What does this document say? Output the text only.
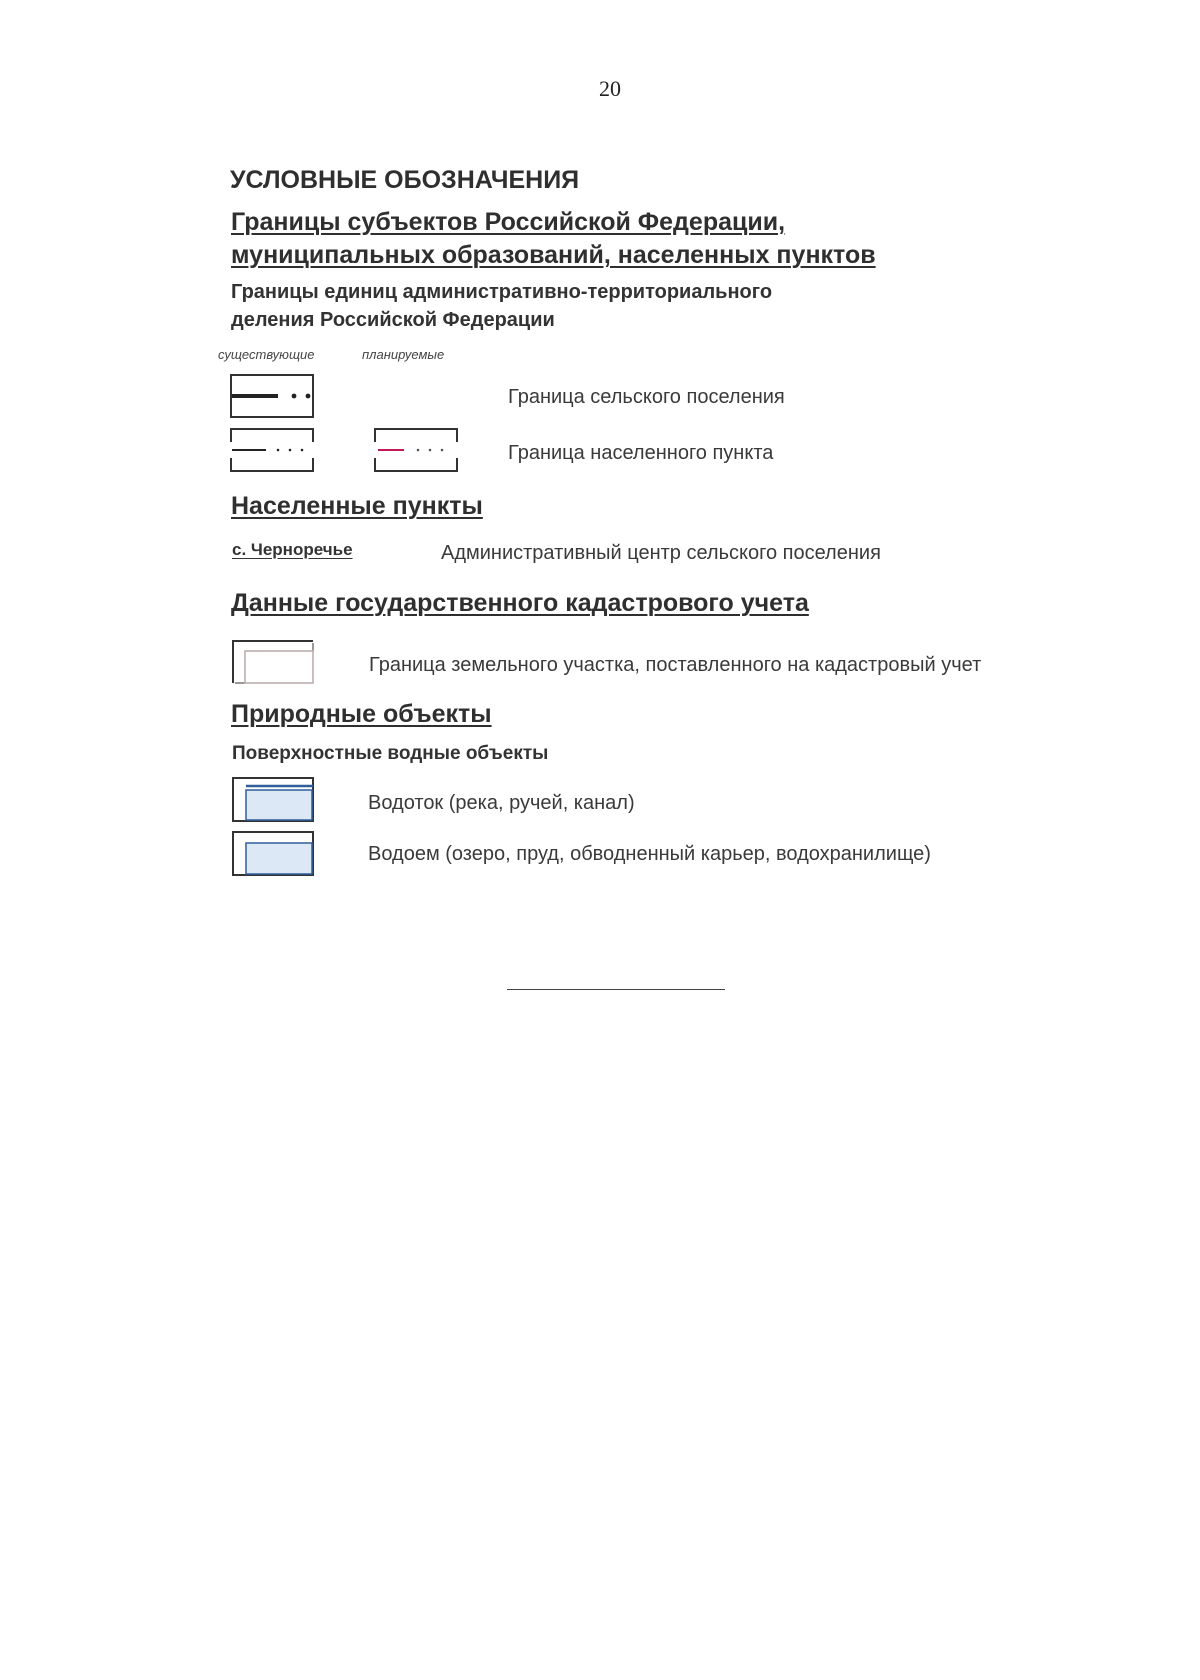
20
УСЛОВНЫЕ ОБОЗНАЧЕНИЯ
Границы субъектов Российской Федерации,
муниципальных образований, населенных пунктов
Границы единиц административно-территориального
деления Российской Федерации
существующие	планируемые
Граница сельского поселения
Граница населенного пункта
Населенные пункты
с. Черноречье	Административный центр сельского поселения
Данные государственного кадастрового учета
Граница земельного участка, поставленного на кадастровый учет
Природные объекты
Поверхностные водные объекты
Водоток (река, ручей, канал)
Водоем (озеро, пруд, обводненный карьер, водохранилище)
